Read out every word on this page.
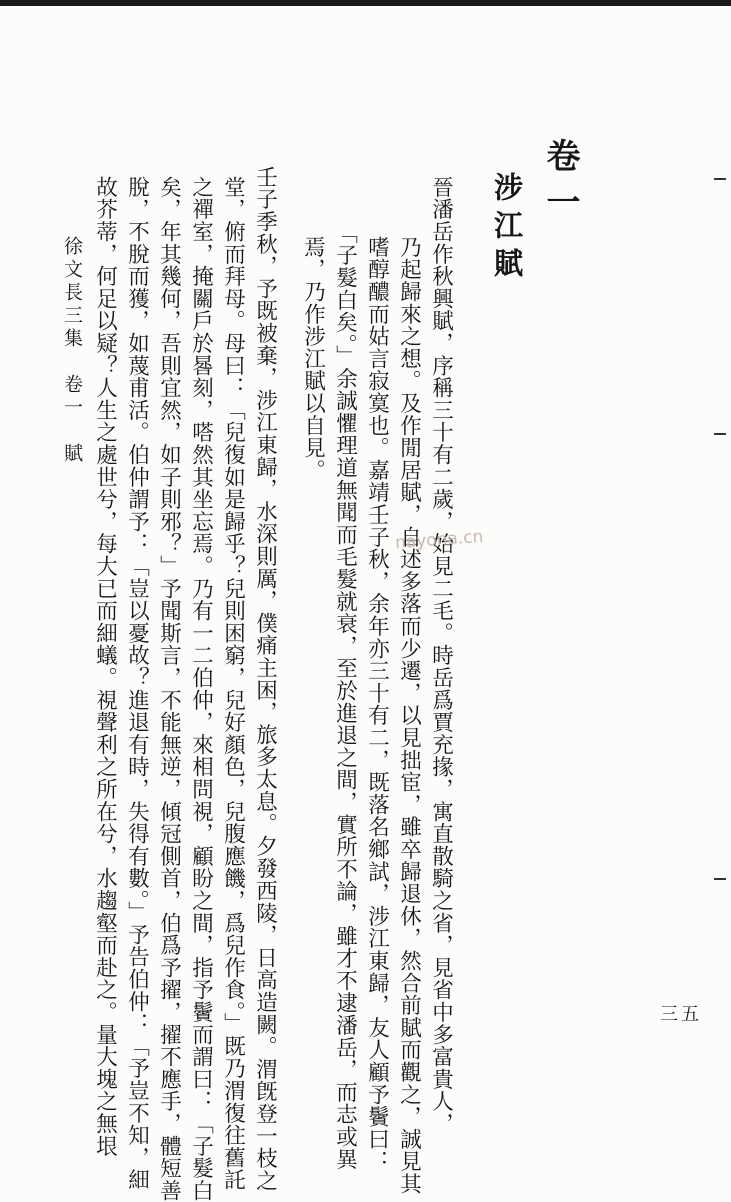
卷一
涉江賦
晉潘岳作秋興賦，序稱三十有二歲，始見二毛。時岳爲賈充掾，寓直散騎之省，見省中多富貴人，
乃起歸來之想。及作閒居賦，自述多落而少遷，以見拙宦，雖卒歸退休，然合前賦而觀之，誠見其
嗜醇醲而姑言寂寞也。嘉靖壬子秋，余年亦三十有二，既落名鄉試，涉江東歸，友人顧予鬢曰：
「子髮白矣。」余誠懼理道無聞而毛髮就衰，至於進退之間，實所不論，雖才不逮潘岳，而志或異
焉，乃作涉江賦以自見。
壬子季秋，予既被棄，涉江東歸，水深則厲，僕痛主困，旅多太息。夕發西陵，日高造闕。渭旣登一枝之
堂，俯而拜母。母曰：「兒復如是歸乎？兒則困窮，兒好顏色，兒腹應饑，爲兒作食。」既乃渭復往舊託
之禪室，掩關戶於晷刻，嗒然其坐忘焉。乃有一二伯仲，來相問視，顧盼之間，指予鬢而謂曰：「子髮白
矣，年其幾何，吾則宜然，如子則邪？」予聞斯言，不能無逆，傾冠側首，伯爲予擢，擢不應手，體短善
脫，不脫而獲，如蔑甫活。伯仲謂予：「豈以憂故？進退有時，失得有數。」予告伯仲：「予豈不知，細
故芥蒂，何足以疑？人生之處世兮，每大已而細蟻。視聲利之所在兮，水趨壑而赴之。量大塊之無垠
徐文長三集　卷一　賦
三五
nayona.cn
